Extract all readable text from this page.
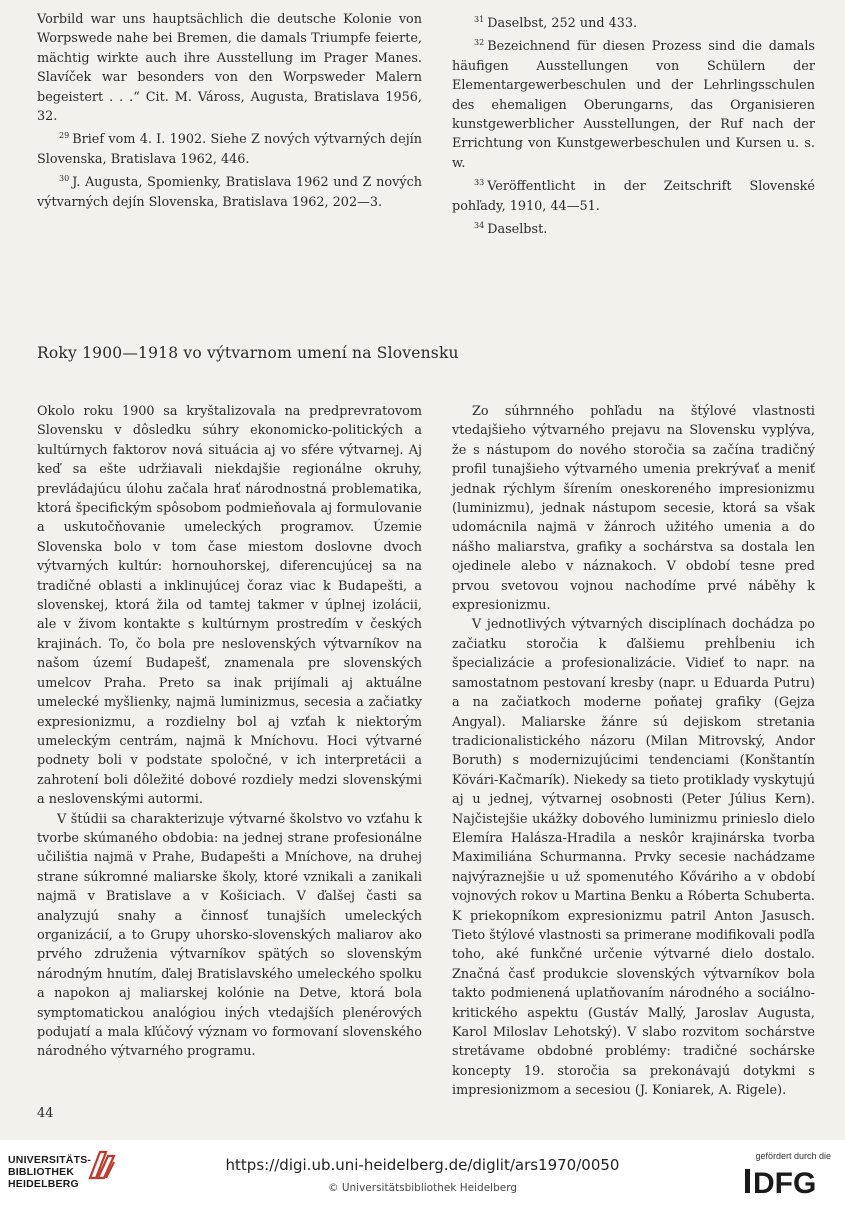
Vorbild war uns hauptsächlich die deutsche Kolonie von Worpswede nahe bei Bremen, die damals Triumpfe feierte, mächtig wirkte auch ihre Ausstellung im Prager Manes. Slavíček war besonders von den Worpsweder Malern begeistert . . .“ Cit. M. Váross, Augusta, Bratislava 1956, 32.

$^{29}$ Brief vom 4. I. 1902. Siehe Z nových výtvarných dejín Slovenska, Bratislava 1962, 446.

$^{30}$ J. Augusta, Spomienky, Bratislava 1962 und Z nových výtvarných dejín Slovenska, Bratislava 1962, 202—3.

$^{31}$ Daselbst, 252 und 433.

$^{32}$ Bezeichnend für diesen Prozess sind die damals häufigen Ausstellungen von Schülern der Elementargewerbeschulen und der Lehrlingsschulen des ehemaligen Oberungarns, das Organisieren kunstgewerblicher Ausstellungen, der Ruf nach der Errichtung von Kunstgewerbeschulen und Kursen u. s. w.

$^{33}$ Veröffentlicht in der Zeitschrift Slovenské pohľady, 1910, 44—51.

$^{34}$ Daselbst.

Roky 1900—1918 vo výtvarnom umení na Slovensku

Okolo roku 1900 sa kryštalizovala na predprevratovom Slovensku v dôsledku súhry ekonomicko-politických a kultúrnych faktorov nová situácia aj vo sfére výtvarnej. Aj keď sa ešte udržiavali niekdajšie regionálne okruhy, prevládajúcu úlohu začala hrať národnostná problematika, ktorá špecifickým spôsobom podmieňovala aj formulovanie a uskutočňovanie umeleckých programov. Územie Slovenska bolo v tom čase miestom doslovne dvoch výtvarných kultúr: hornouhorskej, diferencujúcej sa na tradičné oblasti a inklinujúcej čoraz viac k Budapešti, a slovenskej, ktorá žila od tamtej takmer v úplnej izolácii, ale v živom kontakte s kultúrnym prostredím v českých krajinách. To, čo bola pre neslovenských výtvarníkov na našom území Budapešť, znamenala pre slovenských umelcov Praha. Preto sa inak prijímali aj aktuálne umelecké myšlienky, najmä luminizmus, secesia a začiatky expresionizmu, a rozdielny bol aj vzťah k niektorým umeleckým centrám, najmä k Mníchovu. Hoci výtvarné podnety boli v podstate spoločné, v ich interpretácii a zahrotení boli dôležité dobové rozdiely medzi slovenskými a neslovenskými autormi.

V štúdii sa charakterizuje výtvarné školstvo vo vzťahu k tvorbe skúmaného obdobia: na jednej strane profesionálne učilištia najmä v Prahe, Budapešti a Mníchove, na druhej strane súkromné maliarske školy, ktoré vznikali a zanikali najmä v Bratislave a v Košiciach. V ďalšej časti sa analyzujú snahy a činnosť tunajších umeleckých organizácií, a to Grupy uhorsko-slovenských maliarov ako prvého združenia výtvarníkov spätých so slovenským národným hnutím, ďalej Bratislavského umeleckého spolku a napokon aj maliarskej kolónie na Detve, ktorá bola symptomatickou analógiou iných vtedajších plenérových podujatí a mala kľúčový význam vo formovaní slovenského národného výtvarného programu.

Zo súhrnného pohľadu na štýlové vlastnosti vtedajšieho výtvarného prejavu na Slovensku vyplýva, že s nástupom do nového storočia sa začína tradičný profil tunajšieho výtvarného umenia prekrývať a meniť jednak rýchlym šírením oneskoreného impresionizmu (luminizmu), jednak nástupom secesie, ktorá sa však udomácnila najmä v žánroch užitého umenia a do nášho maliarstva, grafiky a sochárstva sa dostala len ojedinele alebo v náznakoch. V období tesne pred prvou svetovou vojnou nachodíme prvé náběhy k expresionizmu.

V jednotlivých výtvarných disciplínach dochádza po začiatku storočia k ďalšiemu prehĺbeniu ich špecializácie a profesionalizácie. Vidieť to napr. na samostatnom pestovaní kresby (napr. u Eduarda Putru) a na začiatkoch moderne poňatej grafiky (Gejza Angyal). Maliarske žánre sú dejiskom stretania tradicionalistického názoru (Milan Mitrovský, Andor Boruth) s modernizujúcimi tendenciami (Konštantín Kövári-Kačmarík). Niekedy sa tieto protiklady vyskytujú aj u jednej, výtvarnej osobnosti (Peter Július Kern). Najčistejšie ukážky dobového luminizmu prinieslo dielo Elemíra Halásza-Hradila a neskôr krajinárska tvorba Maximiliána Schurmanna. Prvky secesie nachádzame najvýraznejšie u už spomenutého Kőváriho a v období vojnových rokov u Martina Benku a Róberta Schuberta. K priekopníkom expresionizmu patril Anton Jasusch. Tieto štýlové vlastnosti sa primerane modifikovali podľa toho, aké funkčné určenie výtvarné dielo dostalo. Značná časť produkcie slovenských výtvarníkov bola takto podmienená uplatňovaním národného a sociálno-kritického aspektu (Gustáv Mallý, Jaroslav Augusta, Karol Miloslav Lehotský). V slabo rozvitom sochárstve stretávame obdobné problémy: tradičné sochárske koncepty 19. storočia sa prekonávajú dotykmi s impresionizmom a secesiou (J. Koniarek, A. Rigele).

44
UNIVERSITÄTS-
BIBLIOTHEK
HEIDELBERG
https://digi.ub.uni-heidelberg.de/diglit/ars1970/0050
© Universitätsbibliothek Heidelberg
gefördert durch die
DFG
